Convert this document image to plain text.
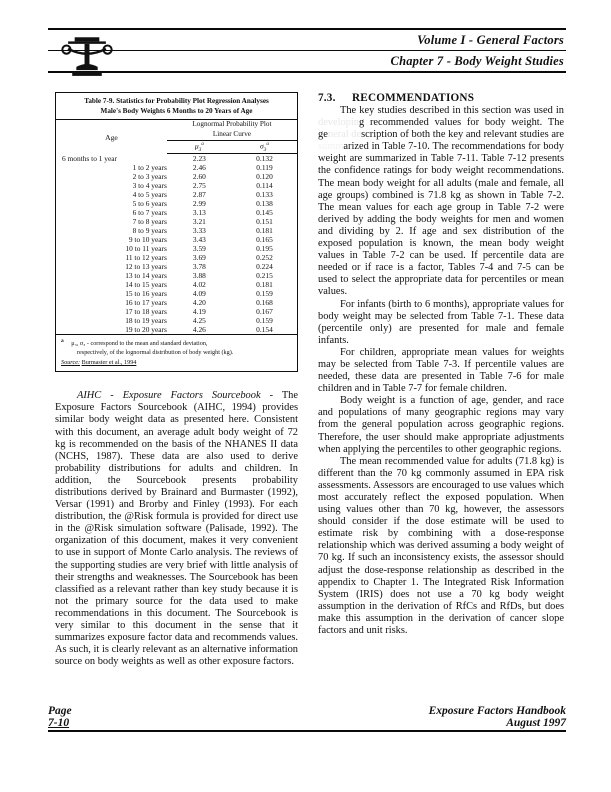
Volume I - General Factors
Chapter 7 - Body Weight Studies
Table 7-9. Statistics for Probability Plot Regression Analyses
Male's Body Weights 6 Months to 20 Years of Age
Age	Lognormal Probability Plot
Linear Curve	

	$\mu_3^a$	$\sigma_3^a$
6 months to 1 year	2.23	0.132
1 to 2 years	2.46	0.119
2 to 3 years	2.60	0.120
3 to 4 years	2.75	0.114
4 to 5 years	2.87	0.133
5 to 6 years	2.99	0.138
6 to 7 years	3.13	0.145
7 to 8 years	3.21	0.151
8 to 9 years	3.33	0.181
9 to 10 years	3.43	0.165
10 to 11 years	3.59	0.195
11 to 12 years	3.69	0.252
12 to 13 years	3.78	0.224
13 to 14 years	3.88	0.215
14 to 15 years	4.02	0.181
15 to 16 years	4.09	0.159
16 to 17 years	4.20	0.168
17 to 18 years	4.19	0.167
18 to 19 years	4.25	0.159
19 to 20 years	4.26	0.154
a μ₃, σ₃ - correspond to the mean and standard deviation,
respectively, of the lognormal distribution of body weight (kg).
Source: Burmaster et al., 1994

AIHC - Exposure Factors Sourcebook - The Exposure Factors Sourcebook (AIHC, 1994) provides similar body weight data as presented here. Consistent with this document, an average adult body weight of 72 kg is recommended on the basis of the NHANES II data (NCHS, 1987). These data are also used to derive probability distributions for adults and children. In addition, the Sourcebook presents probability distributions derived by Brainard and Burmaster (1992), Versar (1991) and Brorby and Finley (1993). For each distribution, the @Risk formula is provided for direct use in the @Risk simulation software (Palisade, 1992). The organization of this document, makes it very convenient to use in support of Monte Carlo analysis. The reviews of the supporting studies are very brief with little analysis of their strengths and weaknesses. The Sourcebook has been classified as a relevant rather than key study because it is not the primary source for the data used to make recommendations in this document. The Sourcebook is very similar to this document in the sense that it summarizes exposure factor data and recommends values. As such, it is clearly relevant as an alternative information source on body weights as well as other exposure factors.

7.3. RECOMMENDATIONS

The key studies described in this section was used in developing recommended values for body weight. The general description of both the key and relevant studies are summarized in Table 7-10. The recommendations for body weight are summarized in Table 7-11. Table 7-12 presents the confidence ratings for body weight recommendations. The mean body weight for all adults (male and female, all age groups) combined is 71.8 kg as shown in Table 7-2. The mean values for each age group in Table 7-2 were derived by adding the body weights for men and women and dividing by 2. If age and sex distribution of the exposed population is known, the mean body weight values in Table 7-2 can be used. If percentile data are needed or if race is a factor, Tables 7-4 and 7-5 can be used to select the appropriate data for percentiles or mean values.

For infants (birth to 6 months), appropriate values for body weight may be selected from Table 7-1. These data (percentile only) are presented for male and female infants.

For children, appropriate mean values for weights may be selected from Table 7-3. If percentile values are needed, these data are presented in Table 7-6 for male children and in Table 7-7 for female children.

Body weight is a function of age, gender, and race and populations of many geographic regions may vary from the general population across geographic regions. Therefore, the user should make appropriate adjustments when applying the percentiles to other geographic regions.

The mean recommended value for adults (71.8 kg) is different than the 70 kg commonly assumed in EPA risk assessments. Assessors are encouraged to use values which most accurately reflect the exposed population. When using values other than 70 kg, however, the assessors should consider if the dose estimate will be used to estimate risk by combining with a dose-response relationship which was derived assuming a body weight of 70 kg. If such an inconsistency exists, the assessor should adjust the dose-response relationship as described in the appendix to Chapter 1. The Integrated Risk Information System (IRIS) does not use a 70 kg body weight assumption in the derivation of RfCs and RfDs, but does make this assumption in the derivation of cancer slope factors and unit risks.

Page	Exposure Factors Handbook
7-10	August 1997
